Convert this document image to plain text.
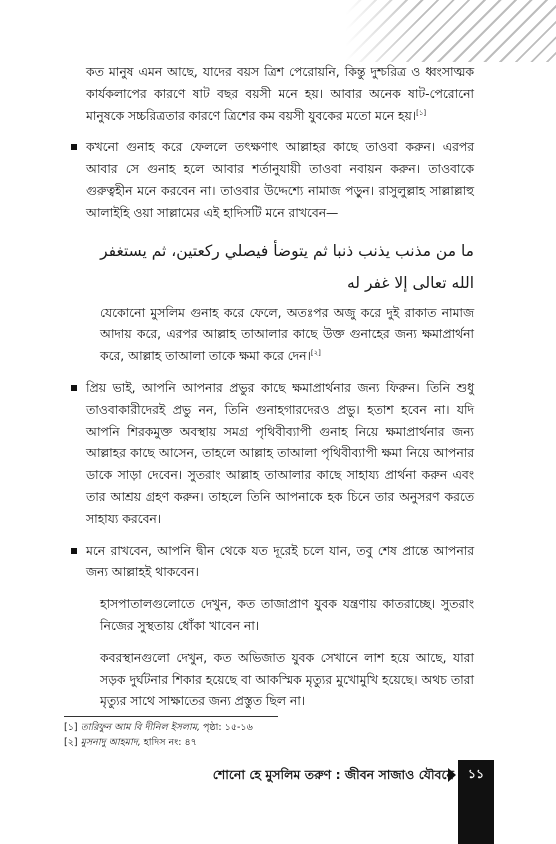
কত মানুষ এমন আছে, যাদের বয়স ত্রিশ পেরোয়নি, কিন্তু দুশ্চরিত্র ও ধ্বংসাত্মক কার্যকলাপের কারণে ষাট বছর বয়সী মনে হয়। আবার অনেক ষাট-পেরোনো মানুষকে সচ্চরিত্রতার কারণে ত্রিশের কম বয়সী যুবকের মতো মনে হয়।[১]

কখনো গুনাহ করে ফেললে তৎক্ষণাৎ আল্লাহর কাছে তাওবা করুন। এরপর আবার সে গুনাহ হলে আবার শর্তানুযায়ী তাওবা নবায়ন করুন। তাওবাকে গুরুত্বহীন মনে করবেন না। তাওবার উদ্দেশ্যে নামাজ পড়ুন। রাসুলুল্লাহ সাল্লাল্লাহু আলাইহি ওয়া সাল্লামের এই হাদিসটি মনে রাখবেন—

ما من مذنب يذنب ذنبا ثم يتوضأ فيصلي ركعتين، ثم يستغفر الله تعالى إلا غفر له

যেকোনো মুসলিম গুনাহ করে ফেলে, অতঃপর অজু করে দুই রাকাত নামাজ আদায় করে, এরপর আল্লাহ তাআলার কাছে উক্ত গুনাহের জন্য ক্ষমাপ্রার্থনা করে, আল্লাহ তাআলা তাকে ক্ষমা করে দেন।[২]

প্রিয় ভাই, আপনি আপনার প্রভুর কাছে ক্ষমাপ্রার্থনার জন্য ফিরুন। তিনি শুধু তাওবাকারীদেরই প্রভু নন, তিনি গুনাহগারদেরও প্রভু। হতাশ হবেন না। যদি আপনি শিরকমুক্ত অবস্থায় সমগ্র পৃথিবীব্যাপী গুনাহ নিয়ে ক্ষমাপ্রার্থনার জন্য আল্লাহর কাছে আসেন, তাহলে আল্লাহ তাআলা পৃথিবীব্যাপী ক্ষমা নিয়ে আপনার ডাকে সাড়া দেবেন। সুতরাং আল্লাহ তাআলার কাছে সাহায্য প্রার্থনা করুন এবং তার আশ্রয় গ্রহণ করুন। তাহলে তিনি আপনাকে হক চিনে তার অনুসরণ করতে সাহায্য করবেন।

মনে রাখবেন, আপনি দ্বীন থেকে যত দূরেই চলে যান, তবু শেষ প্রান্তে আপনার জন্য আল্লাহই থাকবেন।

হাসপাতালগুলোতে দেখুন, কত তাজাপ্রাণ যুবক যন্ত্রণায় কাতরাচ্ছে। সুতরাং নিজের সুস্থতায় ধোঁকা খাবেন না।

কবরস্থানগুলো দেখুন, কত অভিজাত যুবক সেখানে লাশ হয়ে আছে, যারা সড়ক দুর্ঘটনার শিকার হয়েছে বা আকস্মিক মৃত্যুর মুখোমুখি হয়েছে। অথচ তারা মৃত্যুর সাথে সাক্ষাতের জন্য প্রস্তুত ছিল না।

[১] তারিফুন আম বি দীনিল ইসলাম, পৃষ্ঠা: ১৫-১৬
[২] মুসনাদু আহমাদ, হাদিস নং: ৪৭
শোনো হে মুসলিম তরুণ : জীবন সাজাও যৌবনে	১১
